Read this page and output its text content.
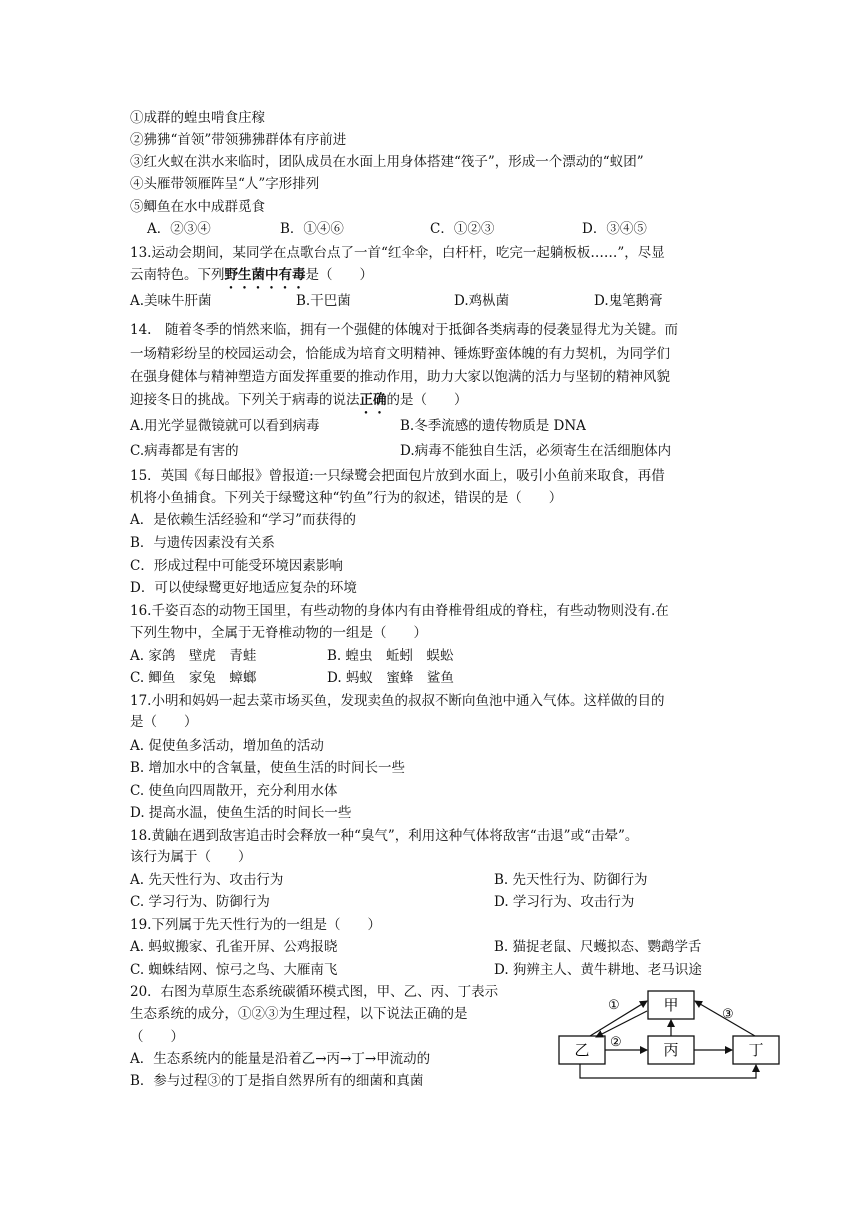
①成群的蝗虫啃食庄稼
②狒狒“首领”带领狒狒群体有序前进
③红火蚁在洪水来临时，团队成员在水面上用身体搭建“筏子”，形成一个漂动的“蚁团”
④头雁带领雁阵呈“人”字形排列
⑤鲫鱼在水中成群觅食
A．②③④	B．①④⑥	C．①②③	D．③④⑤
13.运动会期间，某同学在点歌台点了一首“红伞伞，白杆杆，吃完一起躺板板……”，尽显
云南特色。下列野生菌中有毒是（　　）
A.美味牛肝菌	B.干巴菌	D.鸡枞菌	D.鬼笔鹅膏
14.　随着冬季的悄然来临，拥有一个强健的体魄对于抵御各类病毒的侵袭显得尤为关键。而
一场精彩纷呈的校园运动会，恰能成为培育文明精神、锤炼野蛮体魄的有力契机，为同学们
在强身健体与精神塑造方面发挥重要的推动作用，助力大家以饱满的活力与坚韧的精神风貌
迎接冬日的挑战。下列关于病毒的说法正确的是（　　）
A.用光学显微镜就可以看到病毒	B.冬季流感的遗传物质是 DNA
C.病毒都是有害的	D.病毒不能独自生活，必须寄生在活细胞体内
15．英国《每日邮报》曾报道:一只绿鹭会把面包片放到水面上，吸引小鱼前来取食，再借
机将小鱼捕食。下列关于绿鹭这种“钓鱼”行为的叙述，错误的是（　　）
A．是依赖生活经验和“学习”而获得的
B．与遗传因素没有关系
C．形成过程中可能受环境因素影响
D．可以使绿鹭更好地适应复杂的环境
16.千姿百态的动物王国里，有些动物的身体内有由脊椎骨组成的脊柱，有些动物则没有.在
下列生物中，全属于无脊椎动物的一组是（　　）
A. 家鸽　壁虎　青蛙	B. 蝗虫　蚯蚓　蜈蚣
C. 鲫鱼　家兔　蟑螂	D. 蚂蚁　蜜蜂　鲨鱼
17.小明和妈妈一起去菜市场买鱼，发现卖鱼的叔叔不断向鱼池中通入气体。这样做的目的
是（　　）
A. 促使鱼多活动，增加鱼的活动
B. 增加水中的含氧量，使鱼生活的时间长一些
C. 使鱼向四周散开，充分利用水体
D. 提高水温，使鱼生活的时间长一些
18.黄鼬在遇到敌害追击时会释放一种“臭气”，利用这种气体将敌害“击退”或“击晕”。
该行为属于（　　）
A. 先天性行为、攻击行为	B. 先天性行为、防御行为
C. 学习行为、防御行为	D. 学习行为、攻击行为
19.下列属于先天性行为的一组是（　　）
A. 蚂蚁搬家、孔雀开屏、公鸡报晓	B. 猫捉老鼠、尺蠖拟态、鹦鹉学舌
C. 蜘蛛结网、惊弓之鸟、大雁南飞	D. 狗辨主人、黄牛耕地、老马识途
20．右图为草原生态系统碳循环模式图，甲、乙、丙、丁表示
生态系统的成分，①②③为生理过程，以下说法正确的是
（　　）
A．生态系统内的能量是沿着乙→丙→丁→甲流动的
B．参与过程③的丁是指自然界所有的细菌和真菌
甲
乙	丙	丁
①
②
③
